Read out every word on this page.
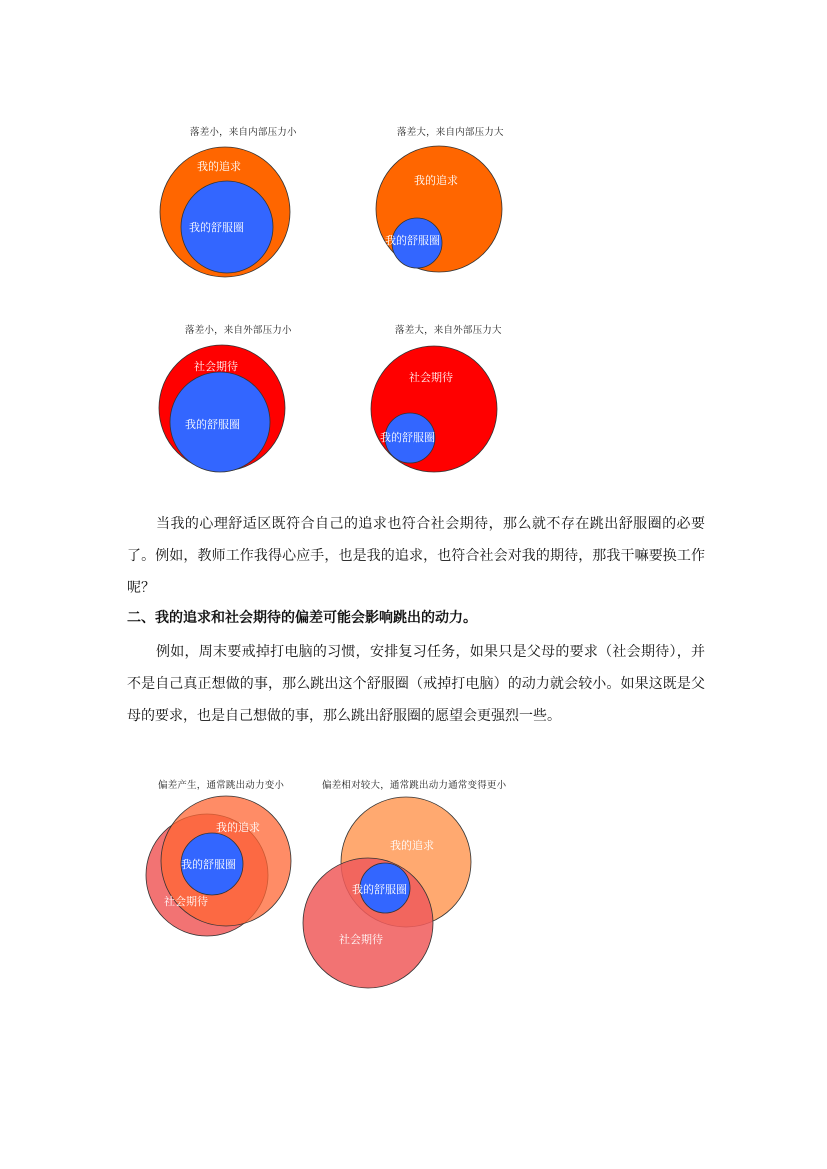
落差小，来自内部压力小
我的追求
我的舒服圈
落差大，来自内部压力大
我的追求
我的舒服圈
落差小，来自外部压力小
社会期待
我的舒服圈
落差大，来自外部压力大
社会期待
我的舒服圈

当我的心理舒适区既符合自己的追求也符合社会期待，那么就不存在跳出舒服圈的必要了。例如，教师工作我得心应手，也是我的追求，也符合社会对我的期待，那我干嘛要换工作呢？

二、我的追求和社会期待的偏差可能会影响跳出的动力。

例如，周末要戒掉打电脑的习惯，安排复习任务，如果只是父母的要求（社会期待），并不是自己真正想做的事，那么跳出这个舒服圈（戒掉打电脑）的动力就会较小。如果这既是父母的要求，也是自己想做的事，那么跳出舒服圈的愿望会更强烈一些。

偏差产生，通常跳出动力变小
我的追求
我的舒服圈
社会期待
偏差相对较大，通常跳出动力通常变得更小
我的追求
我的舒服圈
社会期待
